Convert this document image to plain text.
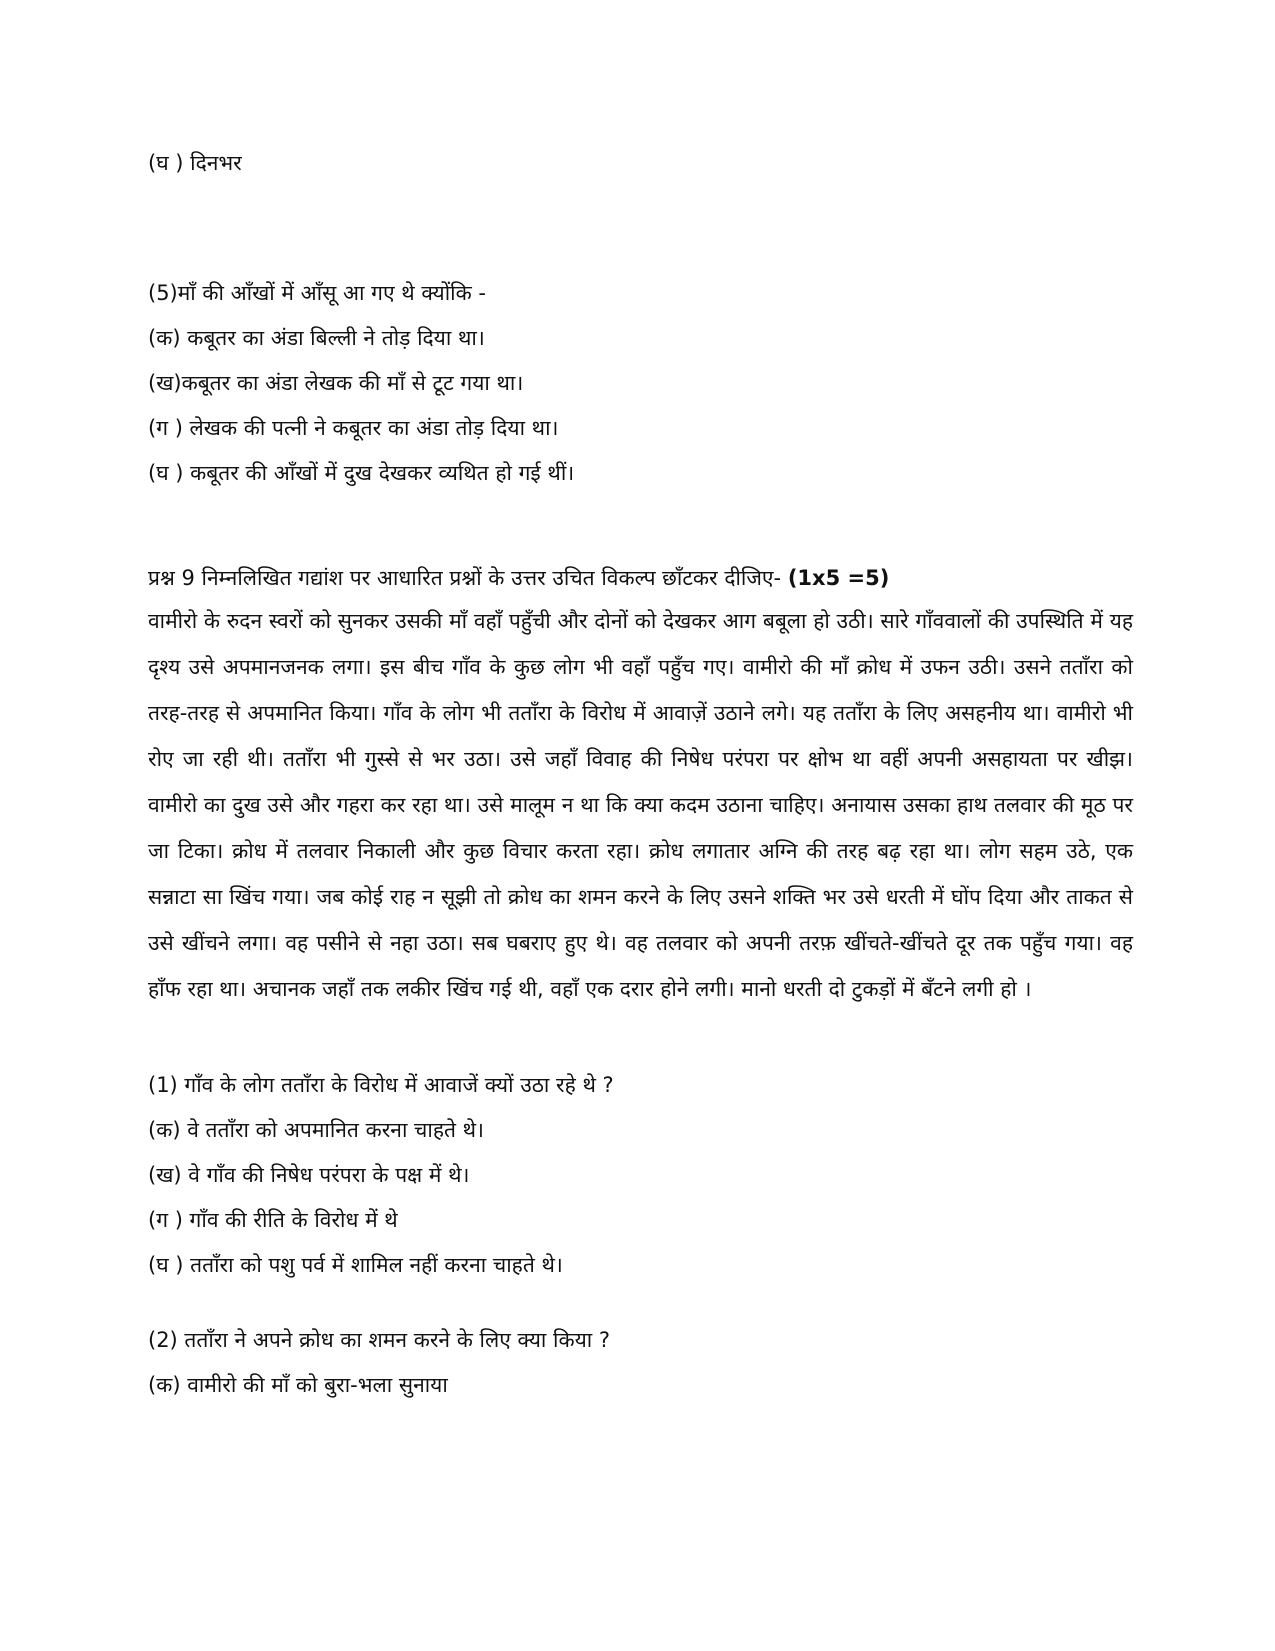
(घ ) दिनभर
(5)माँ की आँखों में आँसू आ गए थे क्योंकि -
(क) कबूतर का अंडा बिल्ली ने तोड़ दिया था।
(ख)कबूतर का अंडा लेखक की माँ से टूट गया था।
(ग ) लेखक की पत्नी ने कबूतर का अंडा तोड़ दिया था।
(घ ) कबूतर की आँखों में दुख देखकर व्यथित हो गई थीं।
प्रश्न 9 निम्नलिखित गद्यांश पर आधारित प्रश्नों के उत्तर उचित विकल्प छाँटकर दीजिए- (1x5 =5)
वामीरो के रुदन स्वरों को सुनकर उसकी माँ वहाँ पहुँची और दोनों को देखकर आग बबूला हो उठी। सारे गाँववालों की उपस्थिति में यह दृश्य उसे अपमानजनक लगा। इस बीच गाँव के कुछ लोग भी वहाँ पहुँच गए। वामीरो की माँ क्रोध में उफन उठी। उसने तताँरा को तरह-तरह से अपमानित किया। गाँव के लोग भी तताँरा के विरोध में आवाज़ें उठाने लगे। यह तताँरा के लिए असहनीय था। वामीरो भी रोए जा रही थी। तताँरा भी गुस्से से भर उठा। उसे जहाँ विवाह की निषेध परंपरा पर क्षोभ था वहीं अपनी असहायता पर खीझ। वामीरो का दुख उसे और गहरा कर रहा था। उसे मालूम न था कि क्या कदम उठाना चाहिए। अनायास उसका हाथ तलवार की मूठ पर जा टिका। क्रोध में तलवार निकाली और कुछ विचार करता रहा। क्रोध लगातार अग्नि की तरह बढ़ रहा था। लोग सहम उठे, एक सन्नाटा सा खिंच गया। जब कोई राह न सूझी तो क्रोध का शमन करने के लिए उसने शक्ति भर उसे धरती में घोंप दिया और ताकत से उसे खींचने लगा। वह पसीने से नहा उठा। सब घबराए हुए थे। वह तलवार को अपनी तरफ़ खींचते-खींचते दूर तक पहुँच गया। वह हाँफ रहा था। अचानक जहाँ तक लकीर खिंच गई थी, वहाँ एक दरार होने लगी। मानो धरती दो टुकड़ों में बँटने लगी हो ।
(1) गाँव के लोग तताँरा के विरोध में आवाजें क्यों उठा रहे थे ?
(क) वे तताँरा को अपमानित करना चाहते थे।
(ख) वे गाँव की निषेध परंपरा के पक्ष में थे।
(ग ) गाँव की रीति के विरोध में थे
(घ ) तताँरा को पशु पर्व में शामिल नहीं करना चाहते थे।
(2) तताँरा ने अपने क्रोध का शमन करने के लिए क्या किया ?
(क) वामीरो की माँ को बुरा-भला सुनाया
